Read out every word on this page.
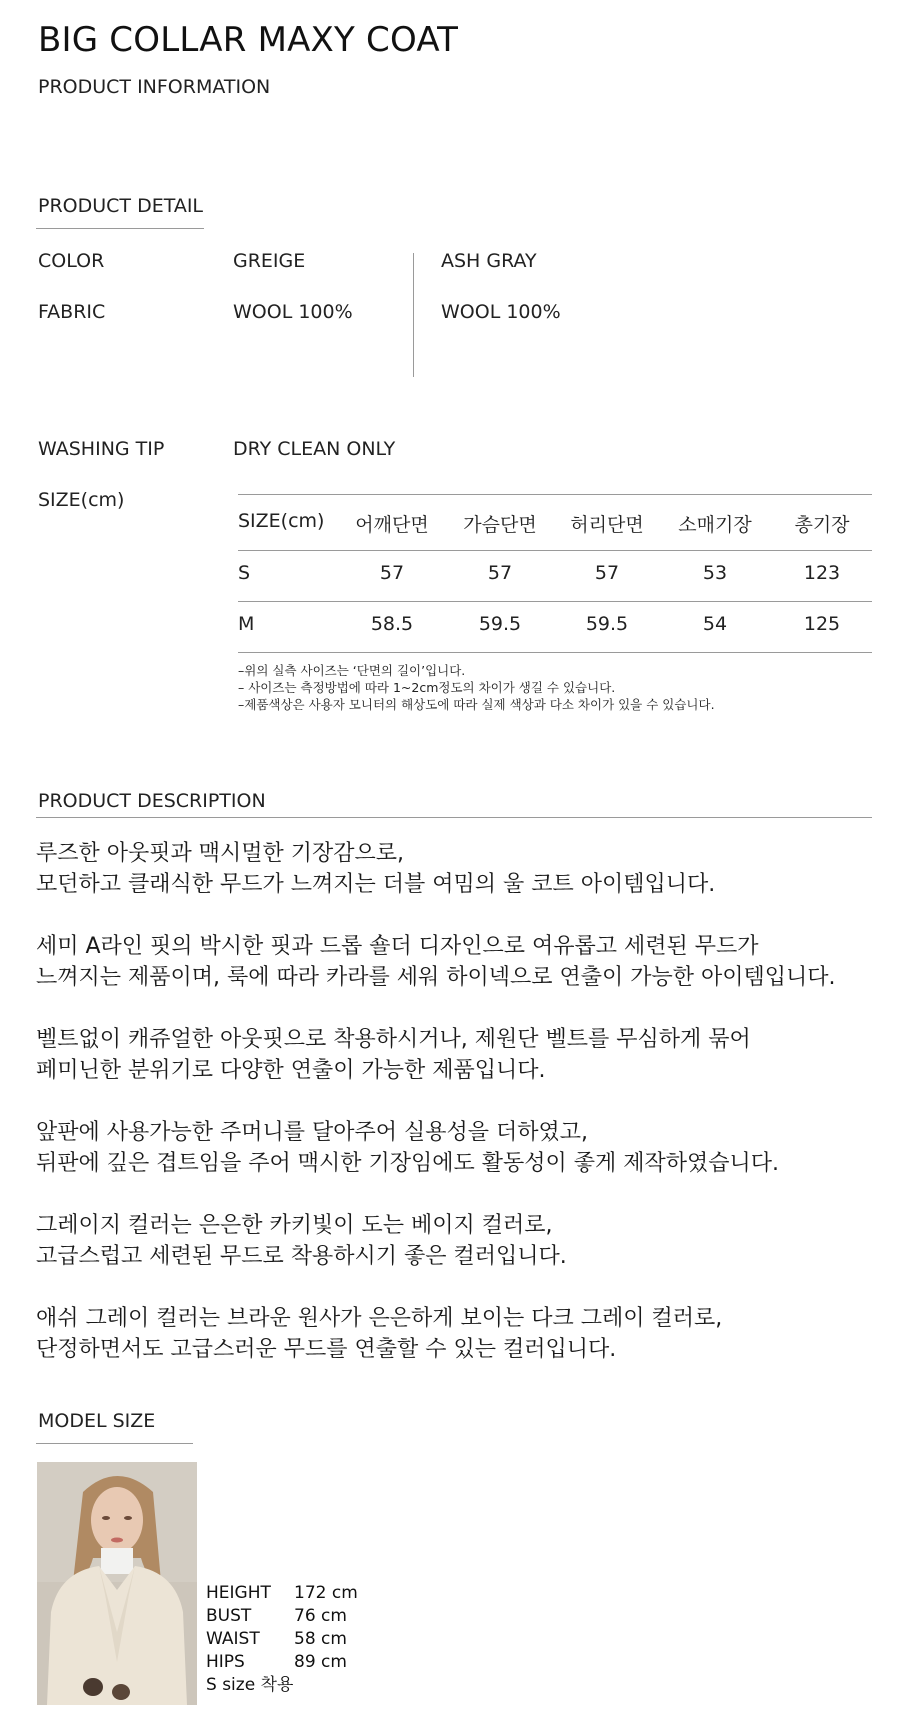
BIG COLLAR MAXY COAT
PRODUCT INFORMATION
PRODUCT DETAIL
COLOR	GREIGE	ASH GRAY
FABRIC	WOOL 100%	WOOL 100%
WASHING TIP	DRY CLEAN ONLY
SIZE(cm)
SIZE(cm) 어깨단면 가슴단면 허리단면 소매기장 총기장
S	57	57	57	53	123
M	58.5	59.5	59.5	54	125
–위의 실측 사이즈는 ‘단면의 길이’입니다.
– 사이즈는 측정방법에 따라 1~2cm정도의 차이가 생길 수 있습니다.
–제품색상은 사용자 모니터의 해상도에 따라 실제 색상과 다소 차이가 있을 수 있습니다.
PRODUCT DESCRIPTION

루즈한 아웃핏과 맥시멀한 기장감으로,
모던하고 클래식한 무드가 느껴지는 더블 여밈의 울 코트 아이템입니다.

세미 A라인 핏의 박시한 핏과 드롭 숄더 디자인으로 여유롭고 세련된 무드가
느껴지는 제품이며, 룩에 따라 카라를 세워 하이넥으로 연출이 가능한 아이템입니다.

벨트없이 캐쥬얼한 아웃핏으로 착용하시거나, 제원단 벨트를 무심하게 묶어
페미닌한 분위기로 다양한 연출이 가능한 제품입니다.

앞판에 사용가능한 주머니를 달아주어 실용성을 더하였고,
뒤판에 깊은 겹트임을 주어 맥시한 기장임에도 활동성이 좋게 제작하였습니다.

그레이지 컬러는 은은한 카키빛이 도는 베이지 컬러로,
고급스럽고 세련된 무드로 착용하시기 좋은 컬러입니다.

애쉬 그레이 컬러는 브라운 원사가 은은하게 보이는 다크 그레이 컬러로,
단정하면서도 고급스러운 무드를 연출할 수 있는 컬러입니다.

MODEL SIZE
HEIGHT	172 cm
BUST	76 cm
WAIST	58 cm
HIPS	89 cm
S size 착용
